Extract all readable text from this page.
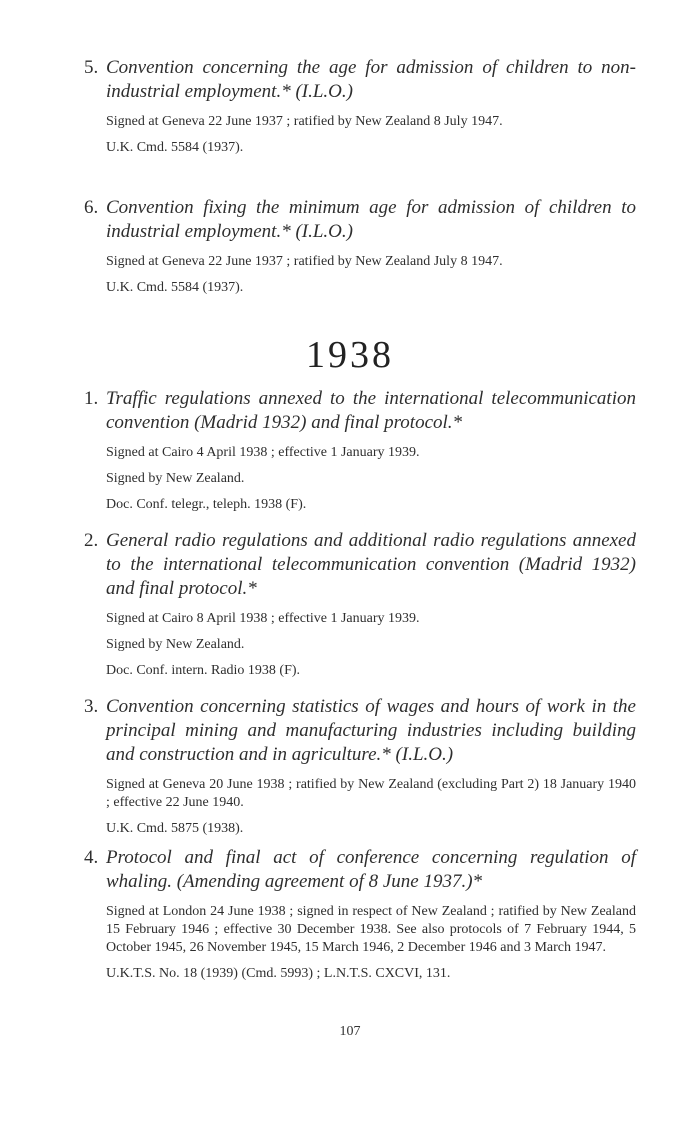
5. Convention concerning the age for admission of children to non-industrial employment.* (I.L.O.)
Signed at Geneva 22 June 1937 ; ratified by New Zealand 8 July 1947.
U.K. Cmd. 5584 (1937).
6. Convention fixing the minimum age for admission of children to industrial employment.* (I.L.O.)
Signed at Geneva 22 June 1937 ; ratified by New Zealand July 8 1947.
U.K. Cmd. 5584 (1937).
1938
1. Traffic regulations annexed to the international telecommunication convention (Madrid 1932) and final protocol.*
Signed at Cairo 4 April 1938 ; effective 1 January 1939.
Signed by New Zealand.
Doc. Conf. telegr., teleph. 1938 (F).
2. General radio regulations and additional radio regulations annexed to the international telecommunication convention (Madrid 1932) and final protocol.*
Signed at Cairo 8 April 1938 ; effective 1 January 1939.
Signed by New Zealand.
Doc. Conf. intern. Radio 1938 (F).
3. Convention concerning statistics of wages and hours of work in the principal mining and manufacturing industries including building and construction and in agriculture.* (I.L.O.)
Signed at Geneva 20 June 1938 ; ratified by New Zealand (excluding Part 2) 18 January 1940 ; effective 22 June 1940.
U.K. Cmd. 5875 (1938).
4. Protocol and final act of conference concerning regulation of whaling. (Amending agreement of 8 June 1937.)*
Signed at London 24 June 1938 ; signed in respect of New Zealand ; ratified by New Zealand 15 February 1946 ; effective 30 December 1938. See also protocols of 7 February 1944, 5 October 1945, 26 November 1945, 15 March 1946, 2 December 1946 and 3 March 1947.
U.K.T.S. No. 18 (1939) (Cmd. 5993) ; L.N.T.S. CXCVI, 131.
107
